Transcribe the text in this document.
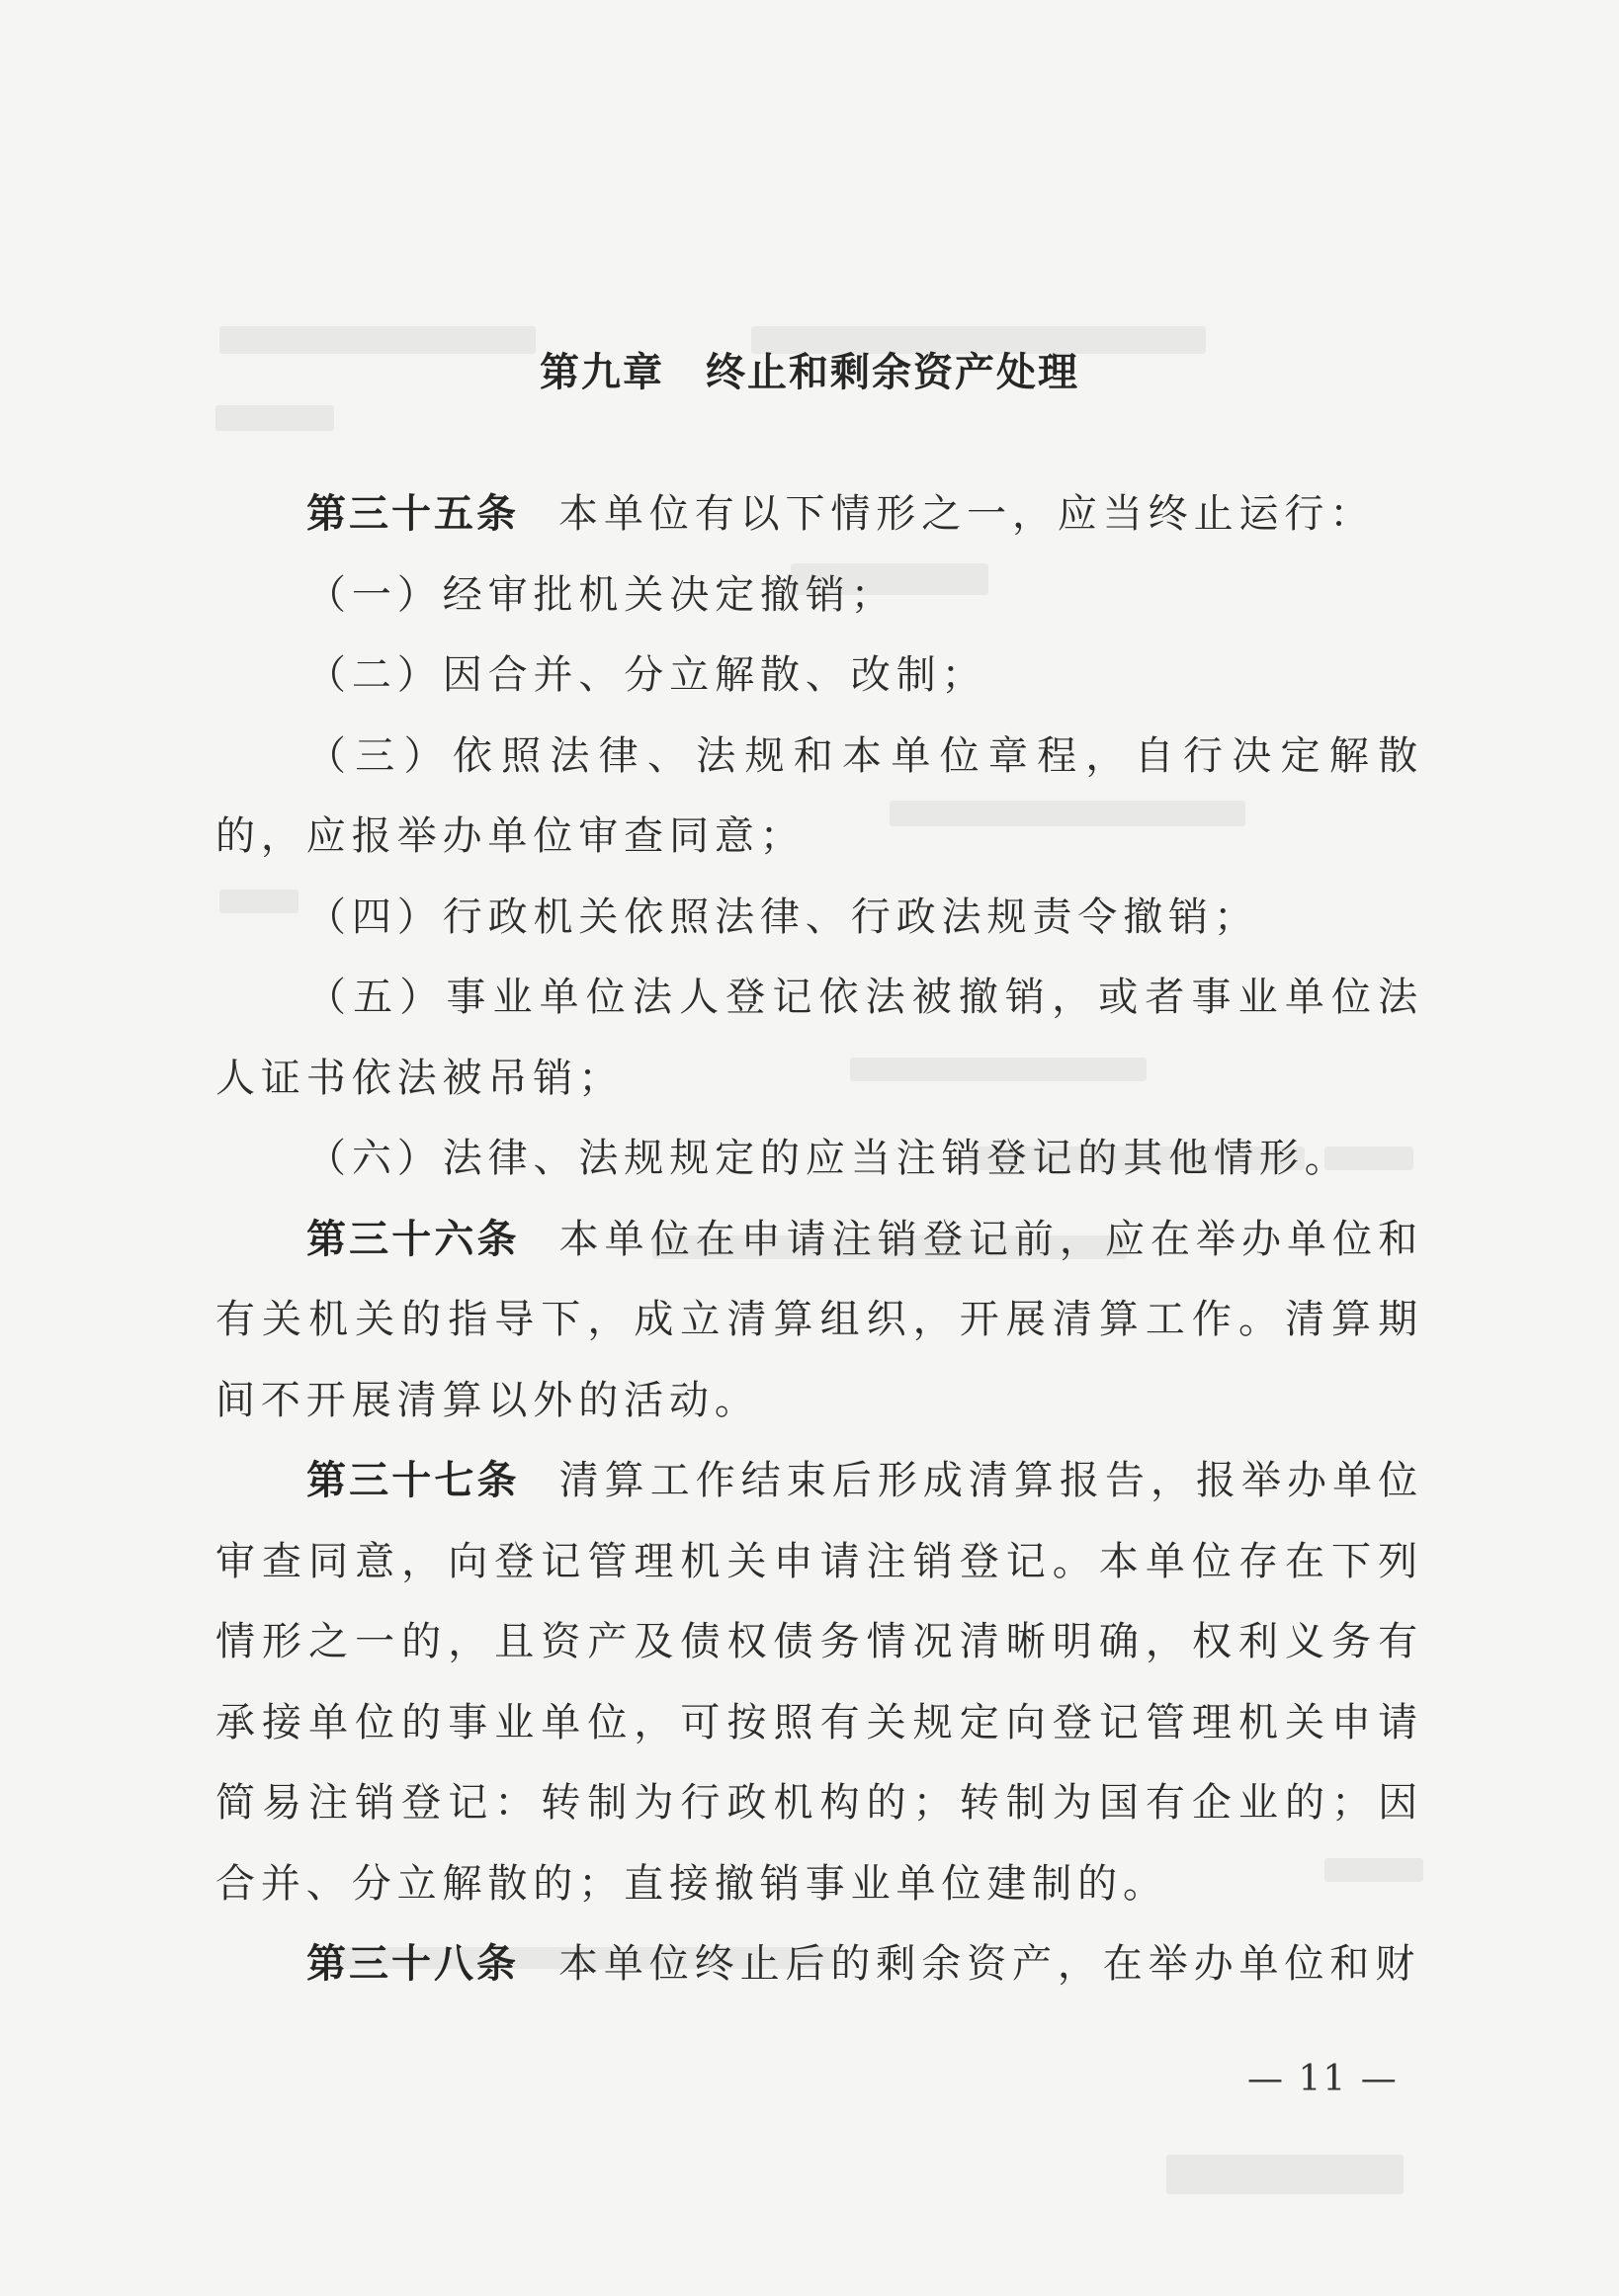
第九章　终止和剩余资产处理

第三十五条 本单位有以下情形之一，应当终止运行：

（一）经审批机关决定撤销；

（二）因合并、分立解散、改制；

（三）依照法律、法规和本单位章程，自行决定解散的，应报举办单位审查同意；

（四）行政机关依照法律、行政法规责令撤销；

（五）事业单位法人登记依法被撤销，或者事业单位法人证书依法被吊销；

（六）法律、法规规定的应当注销登记的其他情形。

第三十六条 本单位在申请注销登记前，应在举办单位和有关机关的指导下，成立清算组织，开展清算工作。清算期间不开展清算以外的活动。

第三十七条 清算工作结束后形成清算报告，报举办单位审查同意，向登记管理机关申请注销登记。本单位存在下列情形之一的，且资产及债权债务情况清晰明确，权利义务有承接单位的事业单位，可按照有关规定向登记管理机关申请简易注销登记：转制为行政机构的；转制为国有企业的；因合并、分立解散的；直接撤销事业单位建制的。

第三十八条 本单位终止后的剩余资产，在举办单位和财

— 11 —
